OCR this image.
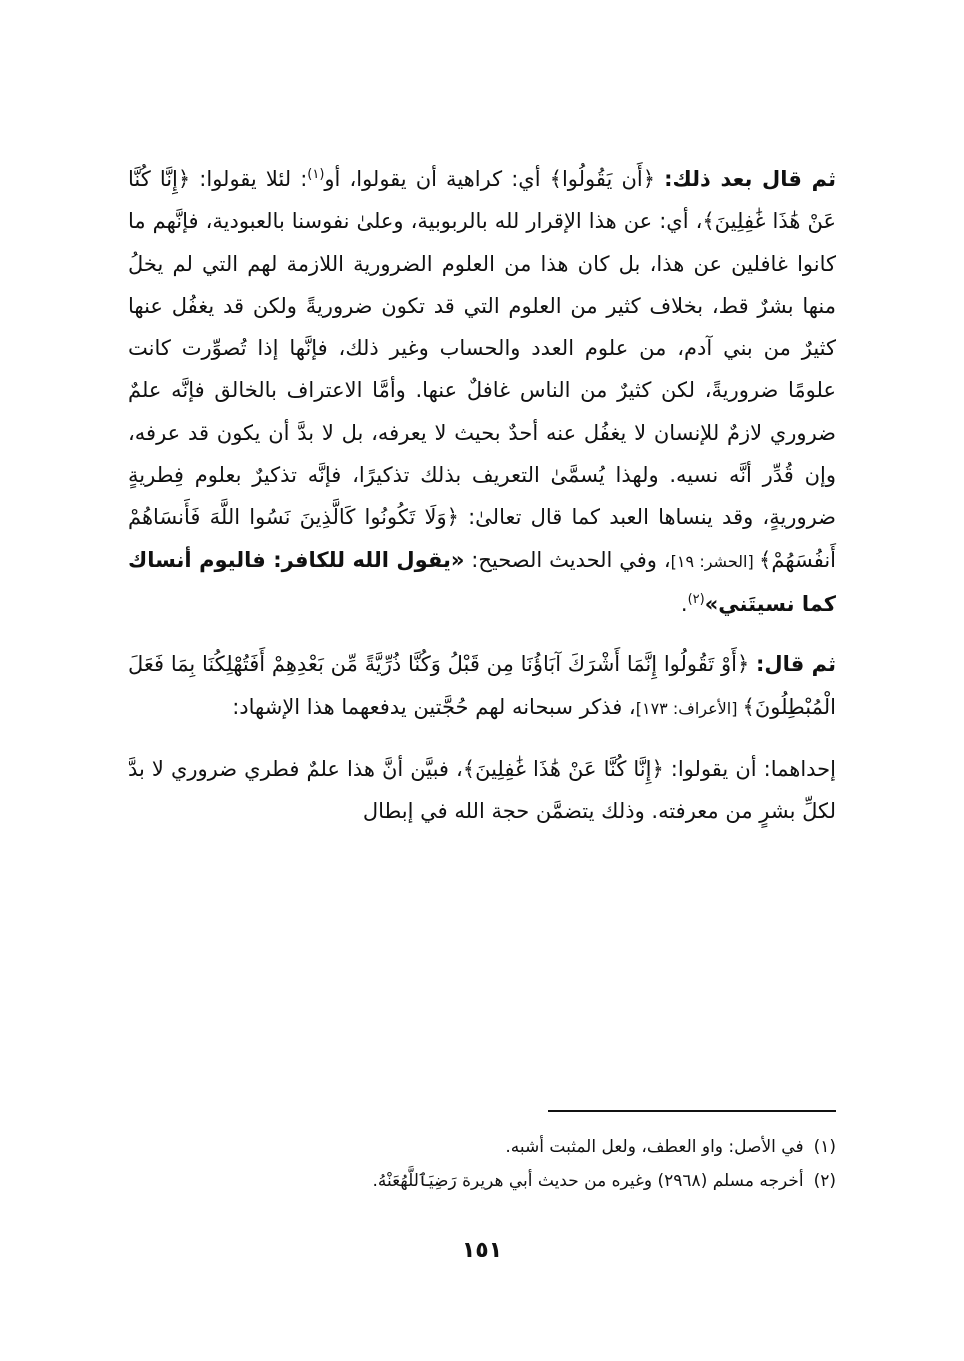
ثم قال بعد ذلك: ﴿أَن يَقُولُوا﴾ أي: كراهية أن يقولوا، أو$^{(١)}$: لئلا يقولوا: ﴿إِنَّا كُنَّا عَنْ هَٰذَا غَٰفِلِينَ﴾، أي: عن هذا الإقرار لله بالربوبية، وعلىٰ نفوسنا بالعبودية، فإنَّهم ما كانوا غافلين عن هذا، بل كان هذا من العلوم الضرورية اللازمة لهم التي لم يخلُ منها بشرٌ قط، بخلاف كثير من العلوم التي قد تكون ضروريةً ولكن قد يغفُل عنها كثيرٌ من بني آدم، من علوم العدد والحساب وغير ذلك، فإنَّها إذا تُصوِّرت كانت علومًا ضروريةً، لكن كثيرٌ من الناس غافلٌ عنها. وأمَّا الاعتراف بالخالق فإنَّه علمٌ ضروري لازمٌ للإنسان لا يغفُل عنه أحدٌ بحيث لا يعرفه، بل لا بدَّ أن يكون قد عرفه، وإن قُدِّر أنَّه نسيه. ولهذا يُسمَّىٰ التعريف بذلك تذكيرًا، فإنَّه تذكيرٌ بعلوم فِطريةٍ ضروريةٍ، وقد ينساها العبد كما قال تعالىٰ: ﴿وَلَا تَكُونُوا كَالَّذِينَ نَسُوا اللَّهَ فَأَنسَاهُمْ أَنفُسَهُمْ﴾ [الحشر: ١٩]، وفي الحديث الصحيح: «يقول الله للكافر: فاليوم أنساك كما نسيتَني»$^{(٢)}$.

ثم قال: ﴿أَوْ تَقُولُوا إِنَّمَا أَشْرَكَ آبَاؤُنَا مِن قَبْلُ وَكُنَّا ذُرِّيَّةً مِّن بَعْدِهِمْ أَفَتُهْلِكُنَا بِمَا فَعَلَ الْمُبْطِلُونَ﴾ [الأعراف: ١٧٣]، فذكر سبحانه لهم حُجَّتين يدفعهما هذا الإشهاد:

إحداهما: أن يقولوا: ﴿إِنَّا كُنَّا عَنْ هَٰذَا غَٰفِلِينَ﴾، فبيَّن أنَّ هذا علمٌ فطري ضروري لا بدَّ لكلِّ بشرٍ من معرفته. وذلك يتضمَّن حجة الله في إبطال

(١)في الأصل: واو العطف، ولعل المثبت أشبه.

(٢)أخرجه مسلم (٢٩٦٨) وغيره من حديث أبي هريرة رَضِيَٱللَّهُعَنْهُ.

١٥١
